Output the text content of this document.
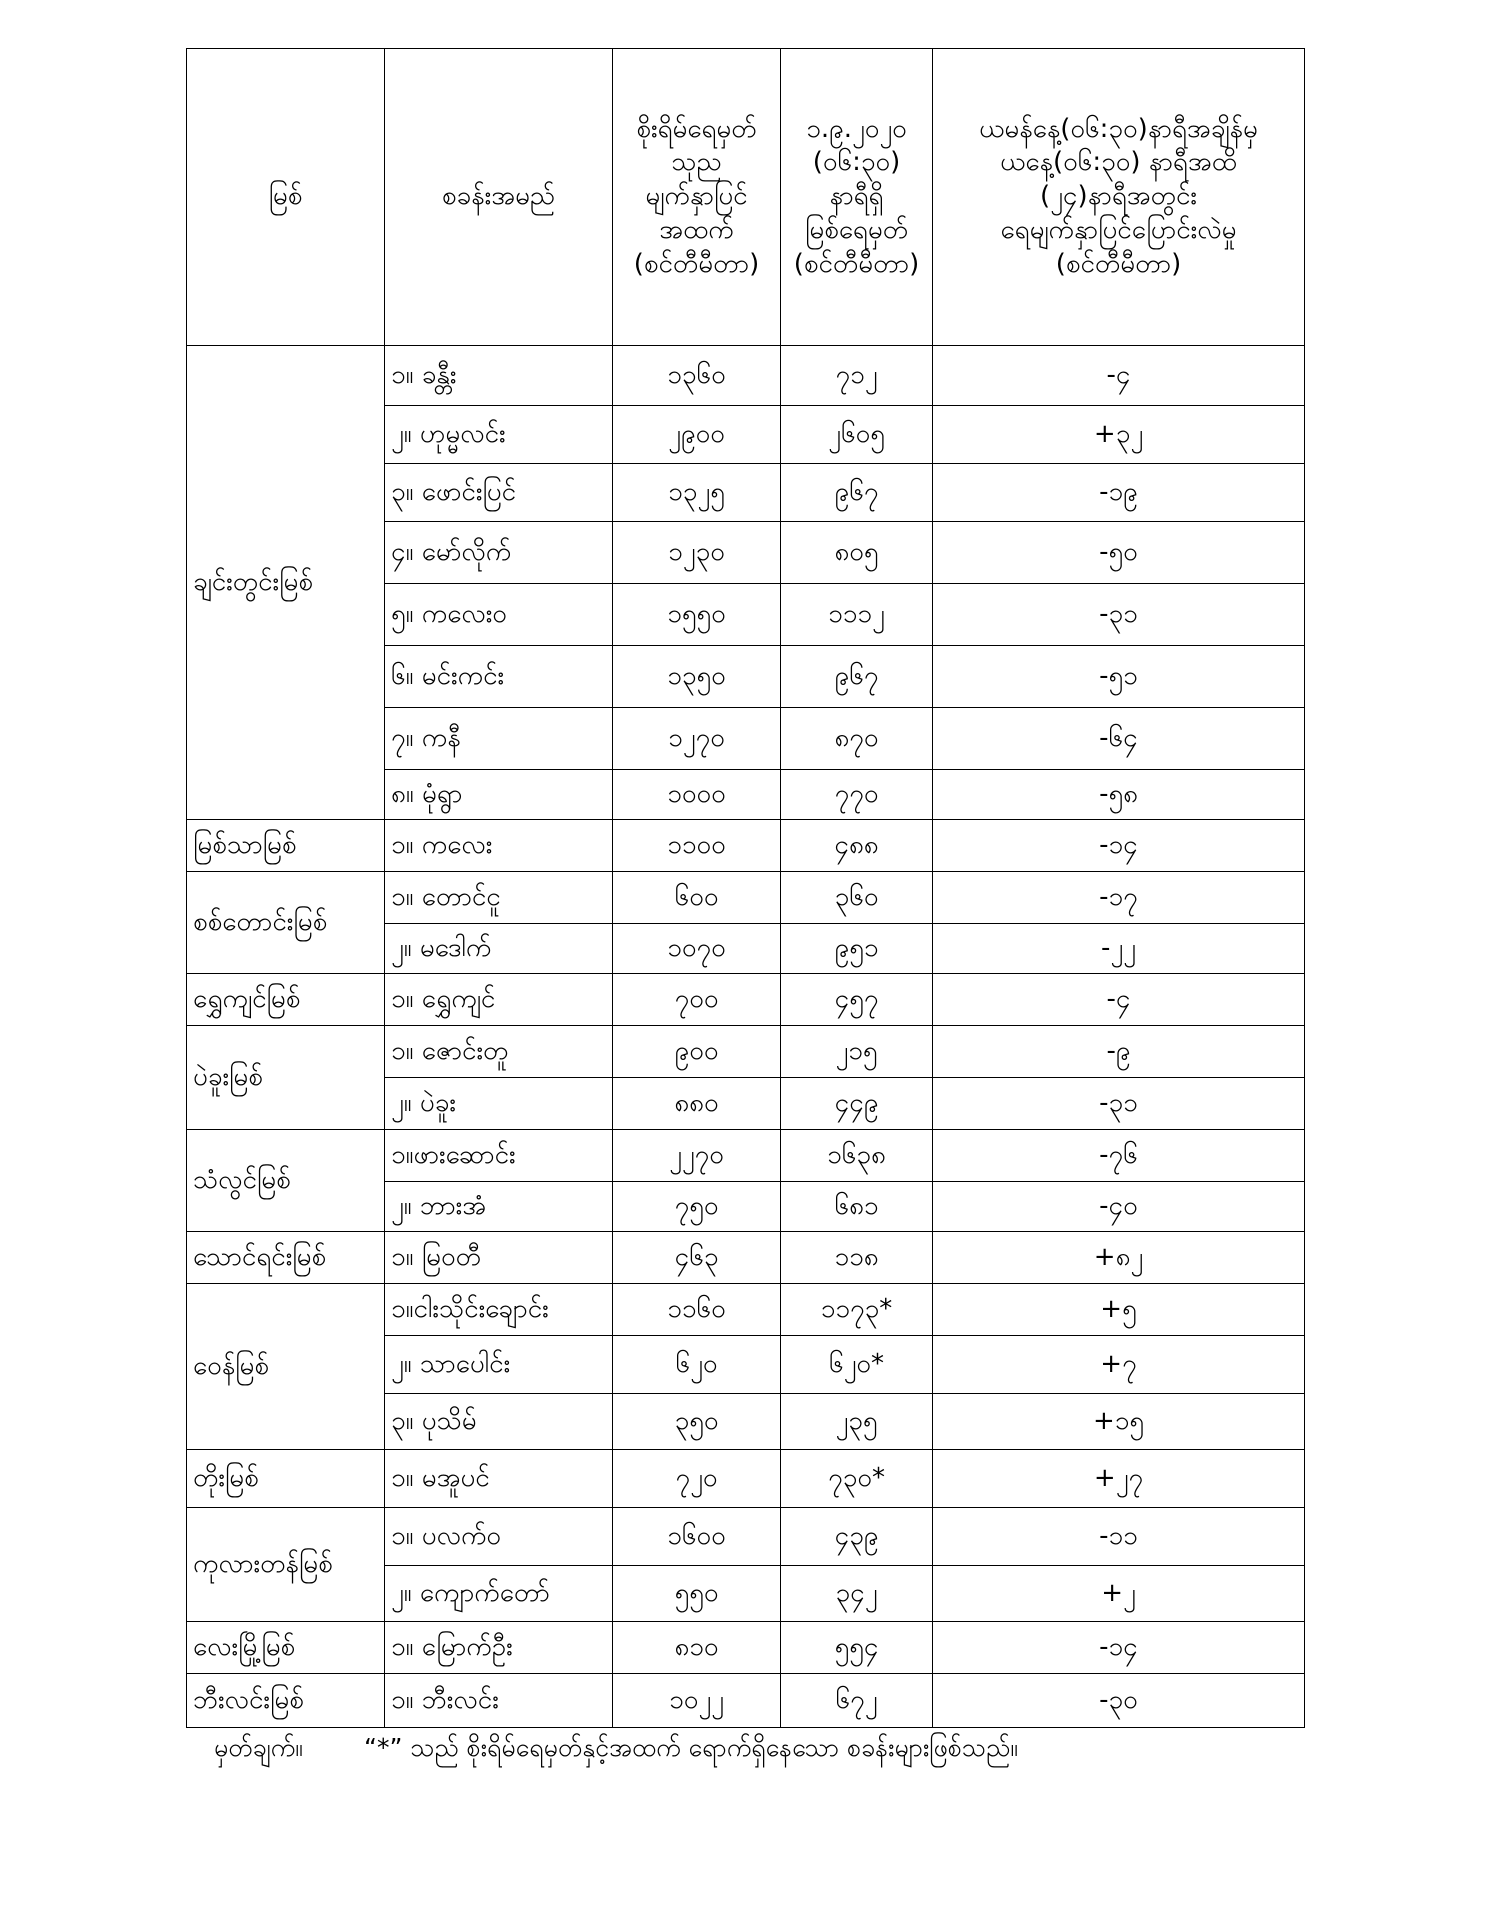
မြစ်	စခန်းအမည်	စိုးရိမ်ရေမှတ်
သုည
မျက်နှာပြင်
အထက်
(စင်တီမီတာ)	၁.၉.၂၀၂၀
(၀၆:၃၀)
နာရီရှိ
မြစ်ရေမှတ်
(စင်တီမီတာ)	ယမန်နေ့(၀၆:၃၀)နာရီအချိန်မှ
ယနေ့(၀၆:၃၀) နာရီအထိ
(၂၄)နာရီအတွင်း
ရေမျက်နှာပြင်ပြောင်းလဲမှု
(စင်တီမီတာ)
ချင်းတွင်းမြစ်	၁။ ခန္တီး	၁၃၆၀	၇၁၂	-၄
	၂။ ဟုမ္မလင်း	၂၉၀၀	၂၆၀၅	+၃၂
	၃။ ဖောင်းပြင်	၁၃၂၅	၉၆၇	-၁၉
	၄။ မော်လိုက်	၁၂၃၀	၈၀၅	-၅၀
	၅။ ကလေးဝ	၁၅၅၀	၁၁၁၂	-၃၁
	၆။ မင်းကင်း	၁၃၅၀	၉၆၇	-၅၁
	၇။ ကနီ	၁၂၇၀	၈၇၀	-၆၄
	၈။ မုံရွာ	၁၀၀၀	၇၇၀	-၅၈
မြစ်သာမြစ်	၁။ ကလေး	၁၁၀၀	၄၈၈	-၁၄
စစ်တောင်းမြစ်	၁။ တောင်ငူ	၆၀၀	၃၆၀	-၁၇
	၂။ မဒေါက်	၁၀၇၀	၉၅၁	-၂၂
ရွှေကျင်မြစ်	၁။ ရွှေကျင်	၇၀၀	၄၅၇	-၄
ပဲခူးမြစ်	၁။ ဇောင်းတူ	၉၀၀	၂၁၅	-၉
	၂။ ပဲခူး	၈၈၀	၄၄၉	-၃၁
သံလွင်မြစ်	၁။ဖားဆောင်း	၂၂၇၀	၁၆၃၈	-၇၆
	၂။ ဘားအံ	၇၅၀	၆၈၁	-၄၀
သောင်ရင်းမြစ်	၁။ မြဝတီ	၄၆၃	၁၁၈	+၈၂
ဝေန်မြစ်	၁။ငါးသိုင်းချောင်း	၁၁၆၀	၁၁၇၃*	+၅
	၂။ သာပေါင်း	၆၂၀	၆၂၀*	+၇
	၃။ ပုသိမ်	၃၅၀	၂၃၅	+၁၅
တိုးမြစ်	၁။ မအူပင်	၇၂၀	၇၃၀*	+၂၇
ကုလားတန်မြစ်	၁။ ပလက်ဝ	၁၆၀၀	၄၃၉	-၁၁
	၂။ ကျောက်တော်	၅၅၀	၃၄၂	+၂
လေးမြို့မြစ်	၁။ မြောက်ဦး	၈၁၀	၅၅၄	-၁၄
ဘီးလင်းမြစ်	၁။ ဘီးလင်း	၁၀၂၂	၆၇၂	-၃၀
မှတ်ချက်။ “*” သည် စိုးရိမ်ရေမှတ်နှင့်အထက် ရောက်ရှိနေသော စခန်းများဖြစ်သည်။
